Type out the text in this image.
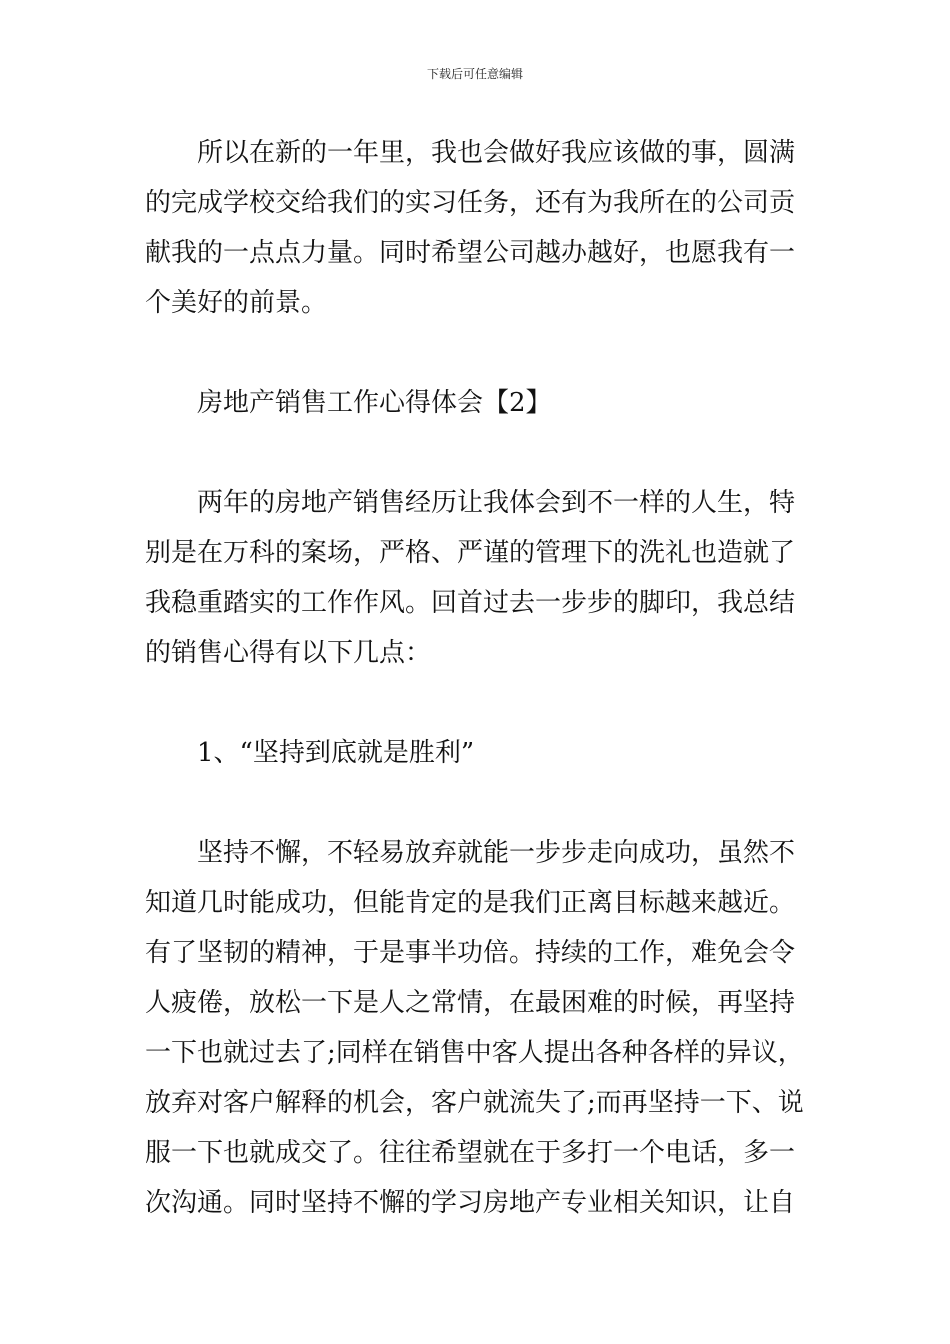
下载后可任意编辑
所以在新的一年里，我也会做好我应该做的事，圆满
的完成学校交给我们的实习任务，还有为我所在的公司贡
献我的一点点力量。同时希望公司越办越好，也愿我有一
个美好的前景。
房地产销售工作心得体会【2】
两年的房地产销售经历让我体会到不一样的人生，特
别是在万科的案场，严格、严谨的管理下的洗礼也造就了
我稳重踏实的工作作风。回首过去一步步的脚印，我总结
的销售心得有以下几点：
1、“坚持到底就是胜利”
坚持不懈，不轻易放弃就能一步步走向成功，虽然不
知道几时能成功，但能肯定的是我们正离目标越来越近。
有了坚韧的精神，于是事半功倍。持续的工作，难免会令
人疲倦，放松一下是人之常情，在最困难的时候，再坚持
一下也就过去了;同样在销售中客人提出各种各样的异议，
放弃对客户解释的机会，客户就流失了;而再坚持一下、说
服一下也就成交了。往往希望就在于多打一个电话，多一
次沟通。同时坚持不懈的学习房地产专业相关知识，让自
